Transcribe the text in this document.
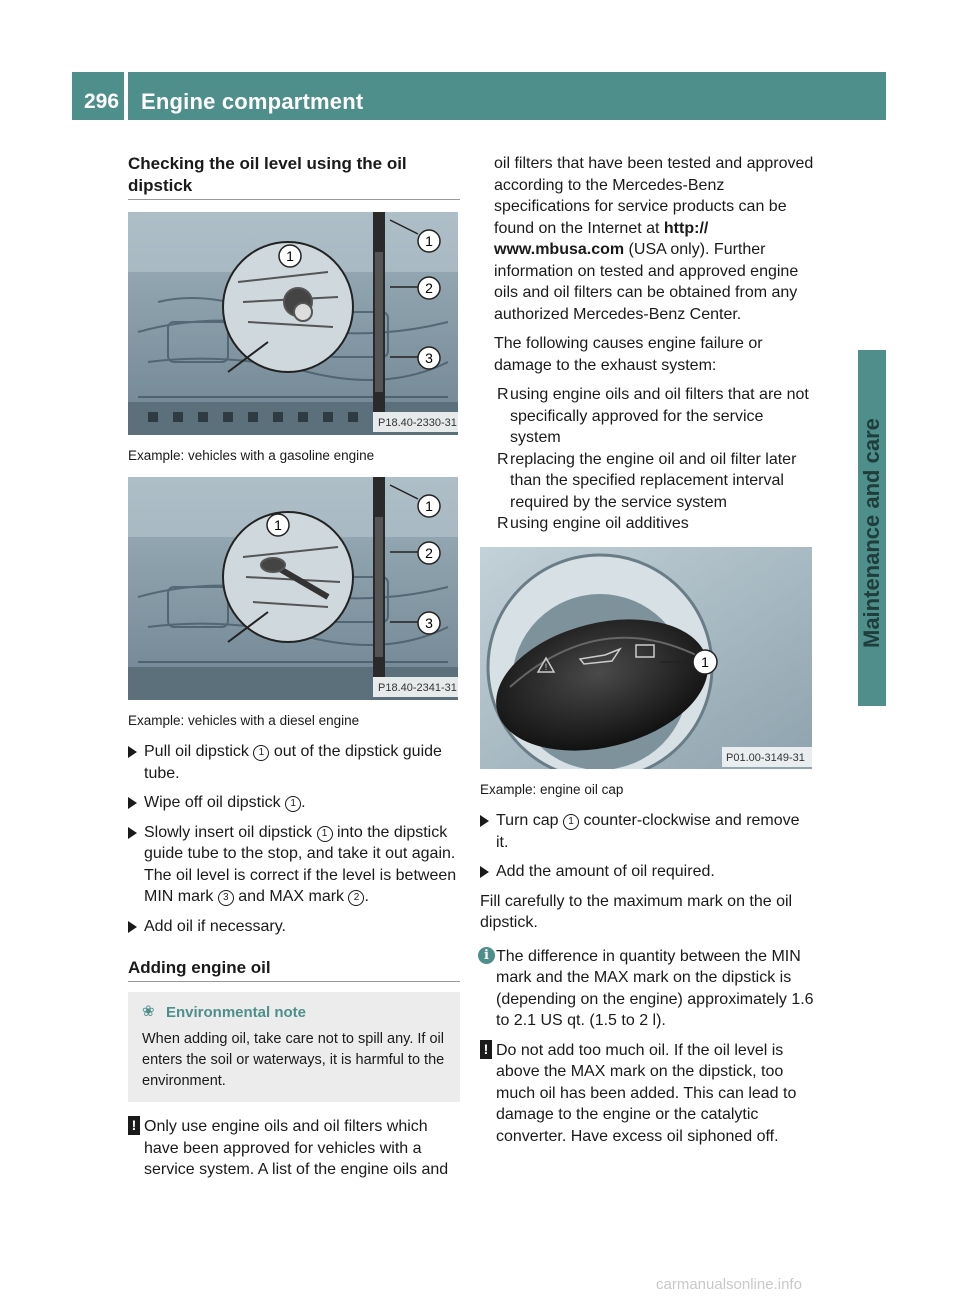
296 Engine compartment
Maintenance and care

Checking the oil level using the oil dipstick

1
1
2
3
P18.40-2330-31

Example: vehicles with a gasoline engine

1
1
2
3
P18.40-2341-31

Example: vehicles with a diesel engine

Pull oil dipstick 1 out of the dipstick guide tube.
Wipe off oil dipstick 1 .
Slowly insert oil dipstick 1 into the dipstick guide tube to the stop, and take it out again.
The oil level is correct if the level is between MIN mark 3 and MAX mark 2 .
Add oil if necessary.

Adding engine oil

❀ Environmental note
When adding oil, take care not to spill any. If oil enters the soil or waterways, it is harmful to the environment.
! Only use engine oils and oil filters which have been approved for vehicles with a service system. A list of the engine oils and

oil filters that have been tested and approved according to the Mercedes-Benz specifications for service products can be found on the Internet at http:// www.mbusa.com (USA only). Further information on tested and approved engine oils and oil filters can be obtained from any authorized Mercedes-Benz Center.

The following causes engine failure or damage to the exhaust system:

R using engine oils and oil filters that are not specifically approved for the service system
R replacing the engine oil and oil filter later than the specified replacement interval required by the service system
R using engine oil additives
!	1
P01.00-3149-31

Example: engine oil cap

Turn cap 1 counter-clockwise and remove it.
Add the amount of oil required.

Fill carefully to the maximum mark on the oil dipstick.

i The difference in quantity between the MIN mark and the MAX mark on the dipstick is (depending on the engine) approximately 1.6 to 2.1 US qt. (1.5 to 2 l).
! Do not add too much oil. If the oil level is above the MAX mark on the dipstick, too much oil has been added. This can lead to damage to the engine or the catalytic converter. Have excess oil siphoned off.
carmanualsonline.info
